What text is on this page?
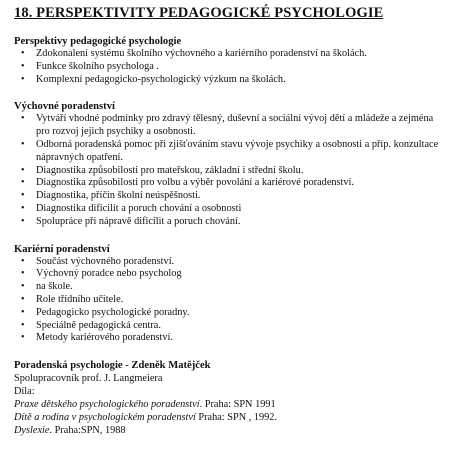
18. PERSPEKTIVITY PEDAGOGICKÉ PSYCHOLOGIE
Perspektivy pedagogické psychologie
• Zdokonalení systému školního výchovného a kariérního poradenství na školách.
• Funkce školního psychologa .
• Komplexní pedagogicko-psychologický výzkum na školách.
Výchovné poradenství
• Vytváří vhodné podmínky pro zdravý tělesný, duševní a sociální vývoj dětí a mládeže a zejména pro rozvoj jejich psychiky a osobnosti.
• Odborná poradenská pomoc při zjišťováním stavu vývoje psychiky a osobnosti a příp. konzultace nápravných opatření.
• Diagnostika způsobilosti pro mateřskou, základní i střední školu.
• Diagnostika způsobilosti pro volbu a výběr povolání a kariérové poradenství.
• Diagnostika, příčin školní neúspěšnosti.
• Diagnostika dificilit a poruch chování a osobnosti
• Spolupráce při nápravě dificilit a poruch chování.
Kariérní poradenství
• Součást výchovného poradenství.
• Výchovný poradce nebo psycholog
• na škole.
• Role třídního učitele.
• Pedagogicko psychologické poradny.
• Speciálně pedagogická centra.
• Metody kariérového poradenství.

Poradenská psychologie - Zdeněk Matějček

Spolupracovník prof. J. Langmeiera

Díla:

Praxe dětského psychologického poradenství. Praha: SPN 1991

Dítě a rodina v psychologickém poradenství Praha: SPN , 1992.

Dyslexie. Praha:SPN, 1988
